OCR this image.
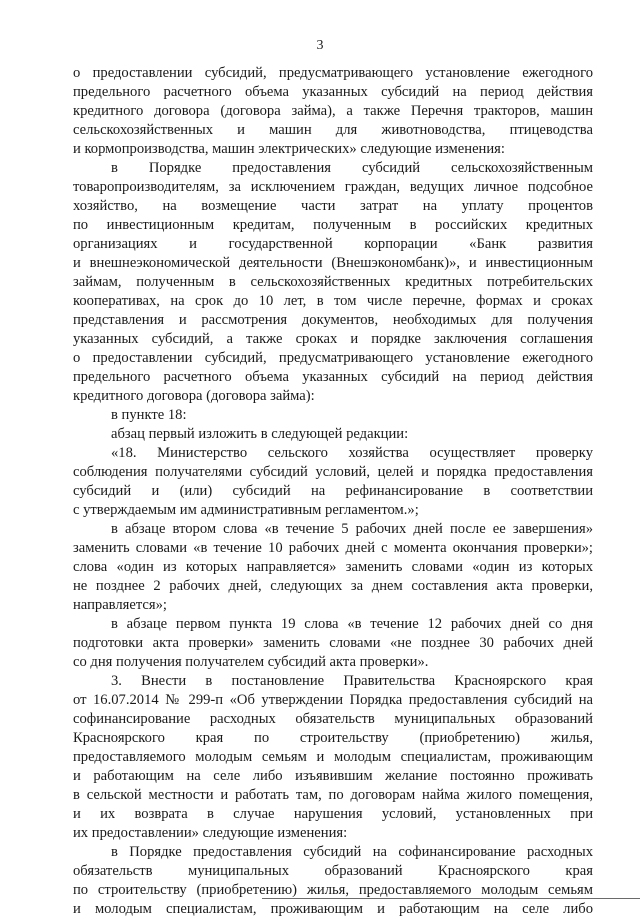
3
о предоставлении субсидий, предусматривающего установление ежегодного
предельного расчетного объема указанных субсидий на период действия
кредитного договора (договора займа), а также Перечня тракторов, машин
сельскохозяйственных и машин для животноводства, птицеводства
и кормопроизводства, машин электрических» следующие изменения:
в Порядке предоставления субсидий сельскохозяйственным
товаропроизводителям, за исключением граждан, ведущих личное подсобное
хозяйство, на возмещение части затрат на уплату процентов
по инвестиционным кредитам, полученным в российских кредитных
организациях и государственной корпорации «Банк развития
и внешнеэкономической деятельности (Внешэкономбанк)», и инвестиционным
займам, полученным в сельскохозяйственных кредитных потребительских
кооперативах, на срок до 10 лет, в том числе перечне, формах и сроках
представления и рассмотрения документов, необходимых для получения
указанных субсидий, а также сроках и порядке заключения соглашения
о предоставлении субсидий, предусматривающего установление ежегодного
предельного расчетного объема указанных субсидий на период действия
кредитного договора (договора займа):
в пункте 18:
абзац первый изложить в следующей редакции:
«18. Министерство сельского хозяйства осуществляет проверку
соблюдения получателями субсидий условий, целей и порядка предоставления
субсидий и (или) субсидий на рефинансирование в соответствии
с утверждаемым им административным регламентом.»;
в абзаце втором слова «в течение 5 рабочих дней после ее завершения»
заменить словами «в течение 10 рабочих дней с момента окончания проверки»;
слова «один из которых направляется» заменить словами «один из которых
не позднее 2 рабочих дней, следующих за днем составления акта проверки,
направляется»;
в абзаце первом пункта 19 слова «в течение 12 рабочих дней со дня
подготовки акта проверки» заменить словами «не позднее 30 рабочих дней
со дня получения получателем субсидий акта проверки».
3. Внести в постановление Правительства Красноярского края
от 16.07.2014 № 299-п «Об утверждении Порядка предоставления субсидий на
софинансирование расходных обязательств муниципальных образований
Красноярского края по строительству (приобретению) жилья,
предоставляемого молодым семьям и молодым специалистам, проживающим
и работающим на селе либо изъявившим желание постоянно проживать
в сельской местности и работать там, по договорам найма жилого помещения,
и их возврата в случае нарушения условий, установленных при
их предоставлении» следующие изменения:
в Порядке предоставления субсидий на софинансирование расходных
обязательств муниципальных образований Красноярского края
по строительству (приобретению) жилья, предоставляемого молодым семьям
и молодым специалистам, проживающим и работающим на селе либо
